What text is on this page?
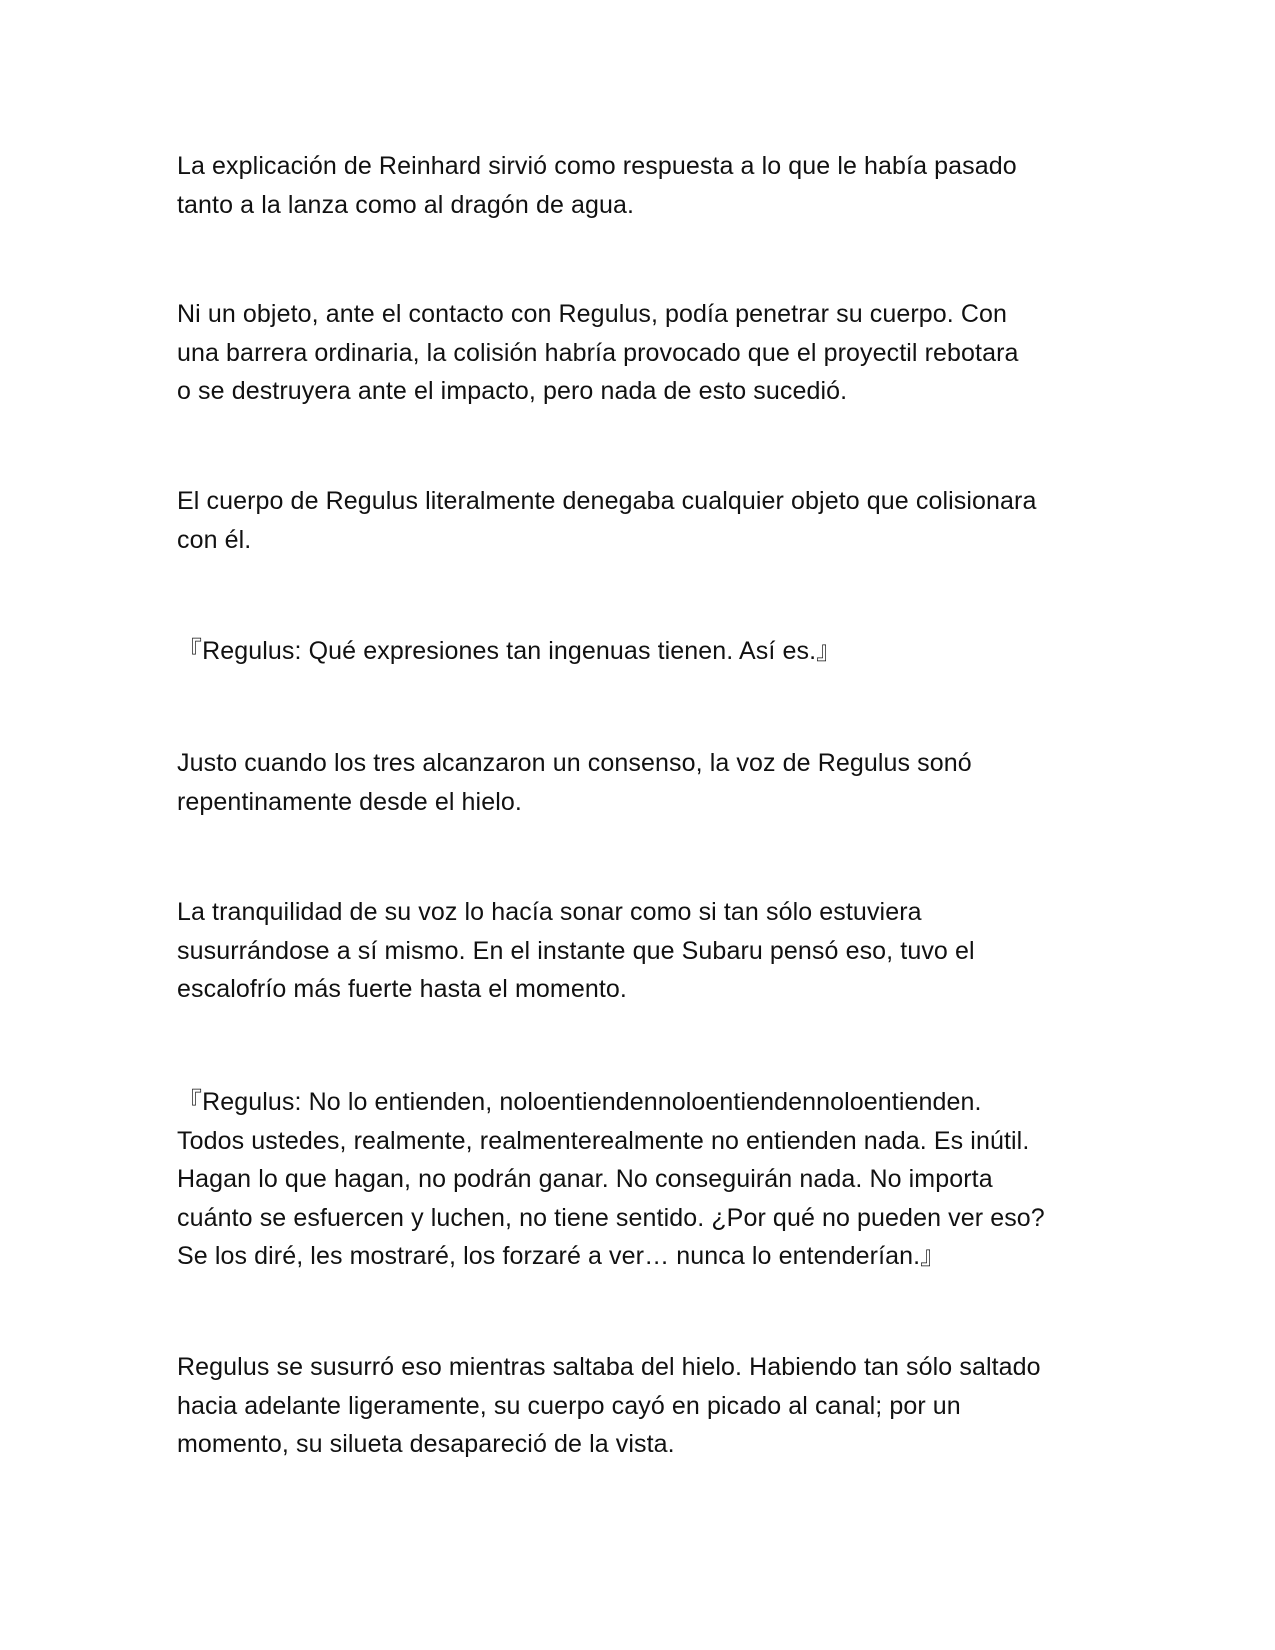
La explicación de Reinhard sirvió como respuesta a lo que le había pasado
tanto a la lanza como al dragón de agua.

Ni un objeto, ante el contacto con Regulus, podía penetrar su cuerpo. Con
una barrera ordinaria, la colisión habría provocado que el proyectil rebotara
o se destruyera ante el impacto, pero nada de esto sucedió.

El cuerpo de Regulus literalmente denegaba cualquier objeto que colisionara
con él.

『Regulus: Qué expresiones tan ingenuas tienen. Así es.』

Justo cuando los tres alcanzaron un consenso, la voz de Regulus sonó
repentinamente desde el hielo.

La tranquilidad de su voz lo hacía sonar como si tan sólo estuviera
susurrándose a sí mismo. En el instante que Subaru pensó eso, tuvo el
escalofrío más fuerte hasta el momento.

『Regulus: No lo entienden, noloentiendennoloentiendennoloentienden.
Todos ustedes, realmente, realmenterealmente no entienden nada. Es inútil.
Hagan lo que hagan, no podrán ganar. No conseguirán nada. No importa
cuánto se esfuercen y luchen, no tiene sentido. ¿Por qué no pueden ver eso?
Se los diré, les mostraré, los forzaré a ver… nunca lo entenderían.』

Regulus se susurró eso mientras saltaba del hielo. Habiendo tan sólo saltado
hacia adelante ligeramente, su cuerpo cayó en picado al canal; por un
momento, su silueta desapareció de la vista.
